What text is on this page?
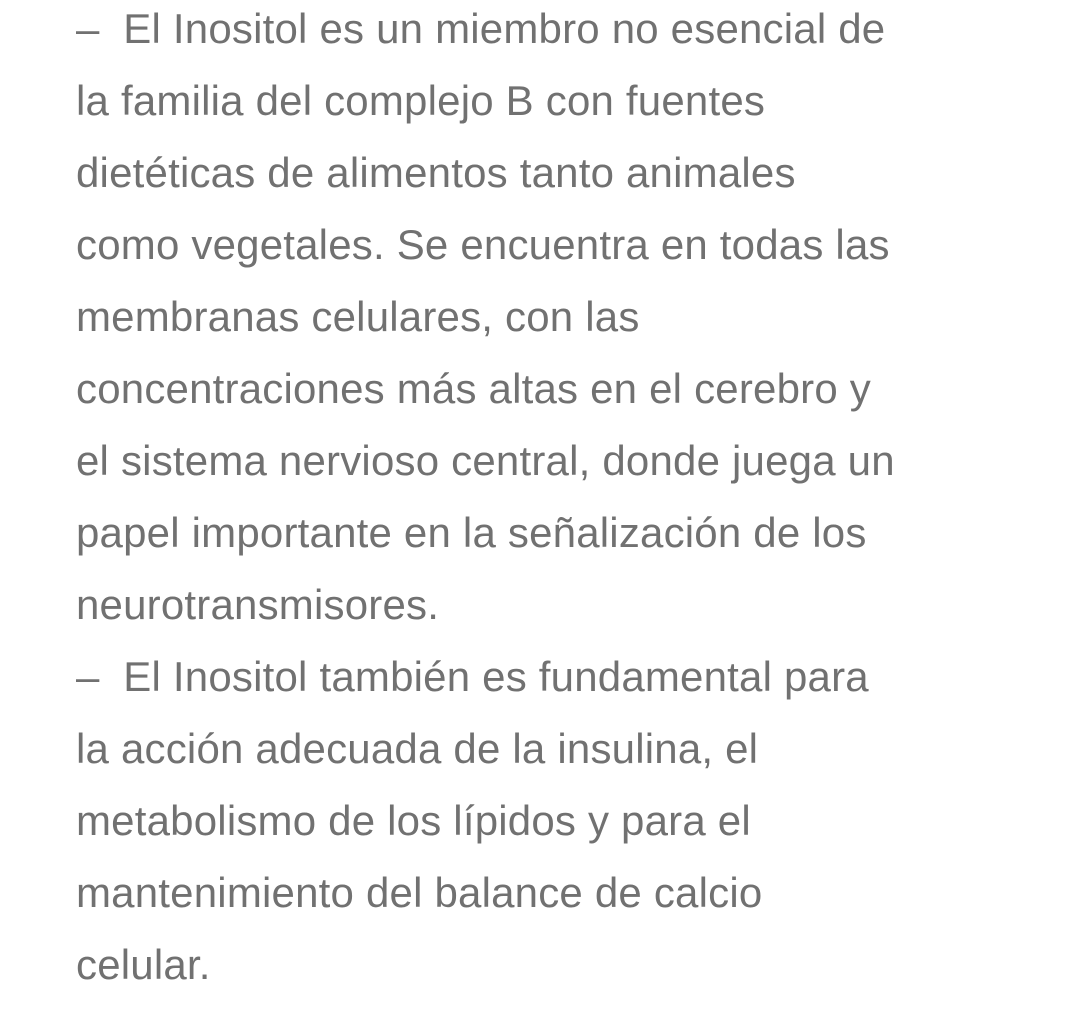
–  El Inositol es un miembro no esencial de
la familia del complejo B con fuentes
dietéticas de alimentos tanto animales
como vegetales. Se encuentra en todas las
membranas celulares, con las
concentraciones más altas en el cerebro y
el sistema nervioso central, donde juega un
papel importante en la señalización de los
neurotransmisores.
–  El Inositol también es fundamental para
la acción adecuada de la insulina, el
metabolismo de los lípidos y para el
mantenimiento del balance de calcio
celular.
